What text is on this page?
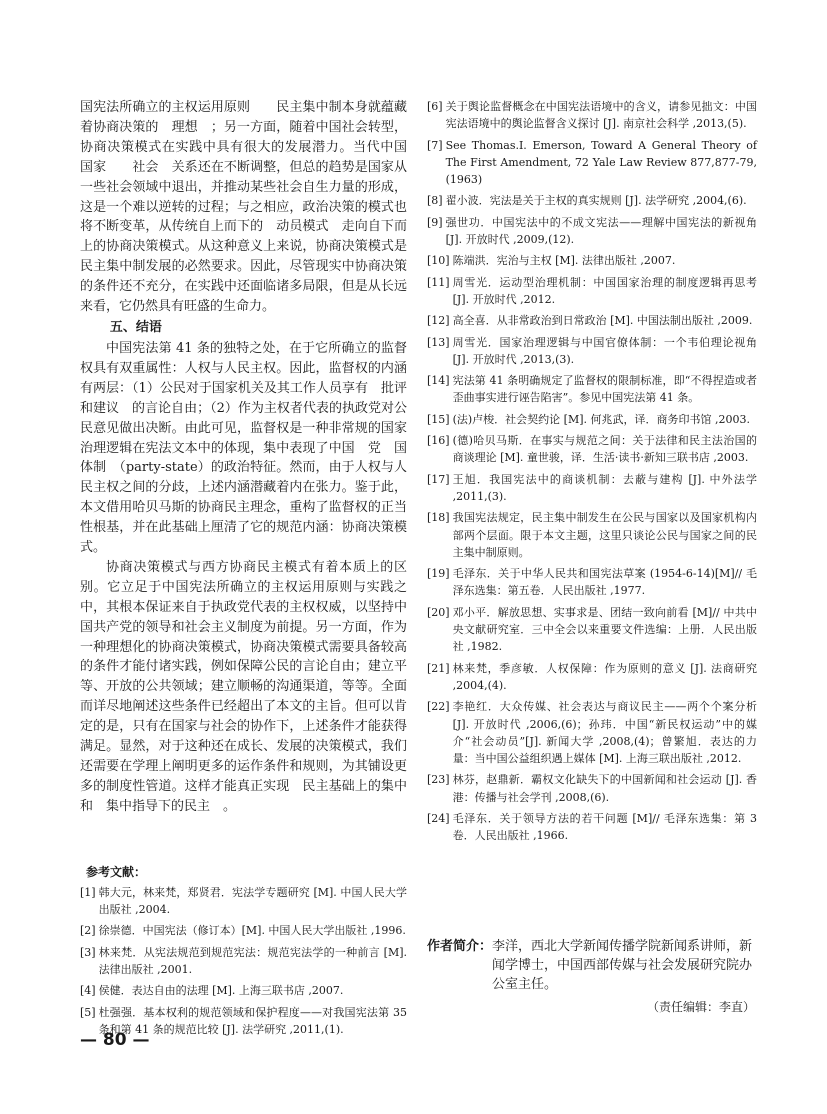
国宪法所确立的主权运用原则　　民主集中制本身就蕴藏着协商决策的　理想　；另一方面，随着中国社会转型，协商决策模式在实践中具有很大的发展潜力。当代中国　国家　　社会　关系还在不断调整，但总的趋势是国家从一些社会领域中退出，并推动某些社会自生力量的形成，这是一个难以逆转的过程；与之相应，政治决策的模式也将不断变革，从传统自上而下的　动员模式　走向自下而上的协商决策模式。从这种意义上来说，协商决策模式是民主集中制发展的必然要求。因此，尽管现实中协商决策的条件还不充分，在实践中还面临诸多局限，但是从长远来看，它仍然具有旺盛的生命力。

五、结语

中国宪法第 41 条的独特之处，在于它所确立的监督权具有双重属性：人权与人民主权。因此，监督权的内涵有两层：（1）公民对于国家机关及其工作人员享有　批评和建议　的言论自由；（2）作为主权者代表的执政党对公民意见做出决断。由此可见，监督权是一种非常规的国家治理逻辑在宪法文本中的体现，集中表现了中国　党　国体制　（party-state）的政治特征。然而，由于人权与人民主权之间的分歧，上述内涵潜藏着内在张力。鉴于此，本文借用哈贝马斯的协商民主理念，重构了监督权的正当性根基，并在此基础上厘清了它的规范内涵：协商决策模式。

协商决策模式与西方协商民主模式有着本质上的区别。它立足于中国宪法所确立的主权运用原则与实践之中，其根本保证来自于执政党代表的主权权威，以坚持中国共产党的领导和社会主义制度为前提。另一方面，作为一种理想化的协商决策模式，协商决策模式需要具备较高的条件才能付诸实践，例如保障公民的言论自由；建立平等、开放的公共领域；建立顺畅的沟通渠道，等等。全面而详尽地阐述这些条件已经超出了本文的主旨。但可以肯定的是，只有在国家与社会的协作下，上述条件才能获得满足。显然，对于这种还在成长、发展的决策模式，我们还需要在学理上阐明更多的运作条件和规则，为其铺设更多的制度性管道。这样才能真正实现　民主基础上的集中　和　集中指导下的民主　。

参考文献：
[1] 韩大元，林来梵，郑贤君．宪法学专题研究 [M]. 中国人民大学出版社 ,2004.
[2] 徐崇德．中国宪法（修订本）[M]. 中国人民大学出版社 ,1996.
[3] 林来梵．从宪法规范到规范宪法：规范宪法学的一种前言 [M]. 法律出版社 ,2001.
[4] 侯健．表达自由的法理 [M]. 上海三联书店 ,2007.
[5] 杜强强．基本权利的规范领域和保护程度——对我国宪法第 35 条和第 41 条的规范比较 [J]. 法学研究 ,2011,(1).
[6] 关于舆论监督概念在中国宪法语境中的含义，请参见拙文：中国宪法语境中的舆论监督含义探讨 [J]. 南京社会科学 ,2013,(5).
[7] See Thomas.I. Emerson, Toward A General Theory of The First Amendment, 72 Yale Law Review 877,877-79,(1963)
[8] 翟小波．宪法是关于主权的真实规则 [J]. 法学研究 ,2004,(6).
[9] 强世功．中国宪法中的不成文宪法——理解中国宪法的新视角 [J]. 开放时代 ,2009,(12).
[10] 陈端洪．宪治与主权 [M]. 法律出版社 ,2007.
[11] 周雪光．运动型治理机制：中国国家治理的制度逻辑再思考 [J]. 开放时代 ,2012.
[12] 高全喜．从非常政治到日常政治 [M]. 中国法制出版社 ,2009.
[13] 周雪光．国家治理逻辑与中国官僚体制：一个韦伯理论视角 [J]. 开放时代 ,2013,(3).
[14] 宪法第 41 条明确规定了监督权的限制标准，即“不得捏造或者歪曲事实进行诬告陷害”。参见中国宪法第 41 条。
[15] (法)卢梭．社会契约论 [M]. 何兆武，译．商务印书馆 ,2003.
[16] (德)哈贝马斯．在事实与规范之间：关于法律和民主法治国的商谈理论 [M]. 童世骏，译．生活·读书·新知三联书店 ,2003.
[17] 王旭．我国宪法中的商谈机制：去蔽与建构 [J]. 中外法学 ,2011,(3).
[18] 我国宪法规定，民主集中制发生在公民与国家以及国家机构内部两个层面。限于本文主题，这里只谈论公民与国家之间的民主集中制原则。
[19] 毛泽东．关于中华人民共和国宪法草案 (1954-6-14)[M]// 毛泽东选集：第五卷．人民出版社 ,1977.
[20] 邓小平．解放思想、实事求是、团结一致向前看 [M]// 中共中央文献研究室．三中全会以来重要文件选编：上册．人民出版社 ,1982.
[21] 林来梵，季彦敏．人权保障：作为原则的意义 [J]. 法商研究 ,2004,(4).
[22] 李艳红．大众传媒、社会表达与商议民主——两个个案分析 [J]. 开放时代 ,2006,(6)；孙玮．中国“新民权运动”中的媒介“社会动员”[J]. 新闻大学 ,2008,(4)；曾繁旭．表达的力量：当中国公益组织遇上媒体 [M]. 上海三联出版社 ,2012.
[23] 林芬，赵鼎新．霸权文化缺失下的中国新闻和社会运动 [J]. 香港：传播与社会学刊 ,2008,(6).
[24] 毛泽东．关于领导方法的若干问题 [M]// 毛泽东选集：第 3 卷．人民出版社 ,1966.
作者简介： 李洋，西北大学新闻传播学院新闻系讲师，新闻学博士，中国西部传媒与社会发展研究院办公室主任。
（责任编辑：李直）
— 80 —
